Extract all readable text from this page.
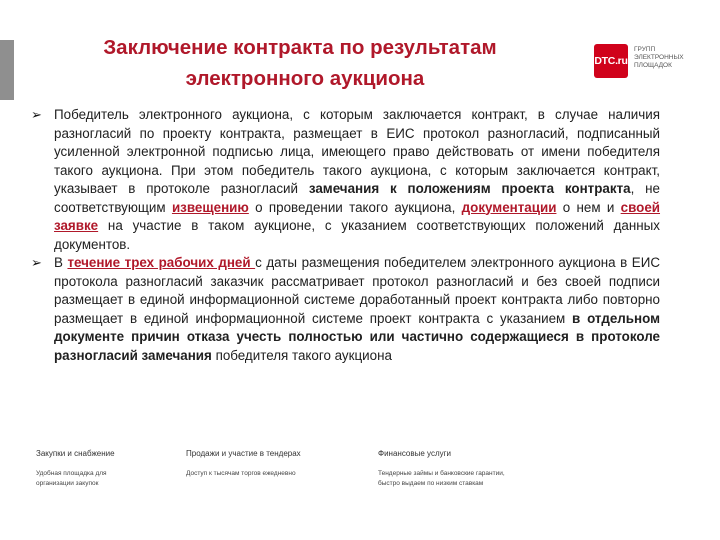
Заключение контракта по результатам
электронного аукциона
DTC.ru
ГРУПП
ЭЛЕКТРОННЫХ
ПЛОЩАДОК

➢ Победитель электронного аукциона, с которым заключается контракт, в случае наличия разногласий по проекту контракта, размещает в ЕИС протокол разногласий, подписанный усиленной электронной подписью лица, имеющего право действовать от имени победителя такого аукциона. При этом победитель такого аукциона, с которым заключается контракт, указывает в протоколе разногласий замечания к положениям проекта контракта, не соответствующим извещению о проведении такого аукциона, документации о нем и своей заявке на участие в таком аукционе, с указанием соответствующих положений данных документов.

➢ В течение трех рабочих дней с даты размещения победителем электронного аукциона в ЕИС протокола разногласий заказчик рассматривает протокол разногласий и без своей подписи размещает в единой информационной системе доработанный проект контракта либо повторно размещает в единой информационной системе проект контракта с указанием в отдельном документе причин отказа учесть полностью или частично содержащиеся в протоколе разногласий замечания победителя такого аукциона

Закупки и снабжение
Удобная площадка для
организации закупок
Продажи и участие в тендерах
Доступ к тысячам торгов ежедневно
Финансовые услуги
Тендерные займы и банковские гарантии,
быстро выдаем по низким ставкам
